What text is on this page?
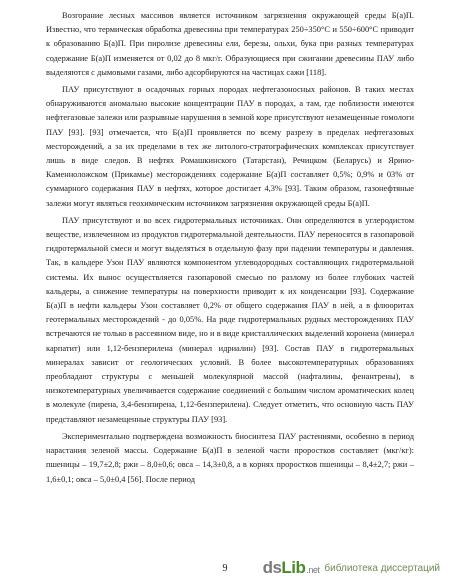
Возгорание лесных массивов является источником загрязнения окружающей среды Б(а)П. Известно, что термическая обработка древесины при температурах 250÷350°С и 550÷600°С приводит к образованию Б(а)П. При пиролизе древесины ели, березы, ольхи, бука при разных температурах содержание Б(а)П изменяется от 0,02 до 8 мкг/г. Образующиеся при сжигании древесины ПАУ либо выделяются с дымовыми газами, либо адсорбируются на частицах сажи [118].

ПАУ присутствуют в осадочных горных породах нефтегазоносных районов. В таких местах обнаруживаются аномально высокие концентрации ПАУ в породах, а там, где поблизости имеются нефтегазовые залежи или разрывные нарушения в земной коре присутствуют незамещенные гомологи ПАУ [93]. [93] отмечается, что Б(а)П проявляется по всему разрезу в пределах нефтегазовых месторождений, а за их пределами в тех же литолого-стратографических комплексах присутствует лишь в виде следов. В нефтях Ромашкинского (Татарстан), Речицком (Беларусь) и Ярино-Каменноложском (Прикамье) месторождениях содержание Б(а)П составляет 0,5%; 0,9% и 03% от суммарного содержания ПАУ в нефтях, которое достигает 4,3% [93]. Таким образом, газонефтяные залежи могут являться геохимическим источником загрязнения окружающей среды Б(а)П.

ПАУ присутствуют и во всех гидротермальных источниках. Они определяются в углеродистом веществе, извлеченном из продуктов гидротермальной деятельности. ПАУ переносятся в газопаровой гидротермальной смеси и могут выделяться в отдельную фазу при падении температуры и давления. Так, в кальдере Узон ПАУ являются компонентом углеводородных составляющих гидротермальной системы. Их вынос осуществляется газопаровой смесью по разлому из более глубоких частей кальдеры, а снижение температуры на поверхности приводит к их конденсации [93]. Содержание Б(а)П в нефти кальдеры Узон составляет 0,2% от общего содержания ПАУ в ней, а в флюоритах геотермальных месторождений - до 0,05%. На ряде гидротермальных рудных месторождениях ПАУ встречаются не только в рассеянном виде, но и в виде кристаллических выделений коронена (минерал карпатит) или 1,12-бензперилена (минерал идриалин) [93]. Состав ПАУ в гидротермальных минералах зависит от геологических условий. В более высокотемпературных образованиях преобладают структуры с меньшей молекулярной массой (нафталины, фенантрены), в низкотемпературных увеличивается содержание соединений с большим числом ароматических колец в молекуле (пирена, 3,4-бензпирена, 1,12-бензперилена). Следует отметить, что основную часть ПАУ представляют незамещенные структуры ПАУ [93].

Экспериментально подтверждена возможность биосинтеза ПАУ растениями, особенно в период нарастания зеленой массы. Содержание Б(а)П в зеленой части проростков составляет (мкг/кг): пшеницы – 19,7±2,8; ржи – 8,0±0,6; овса – 14,3±0,8, а в корнях проростков пшеницы – 8,4±2,7; ржи – 1,6±0,1; овса – 5,0±0,4 [56]. После период

9	ds Lib .net библиотека диссертаций
